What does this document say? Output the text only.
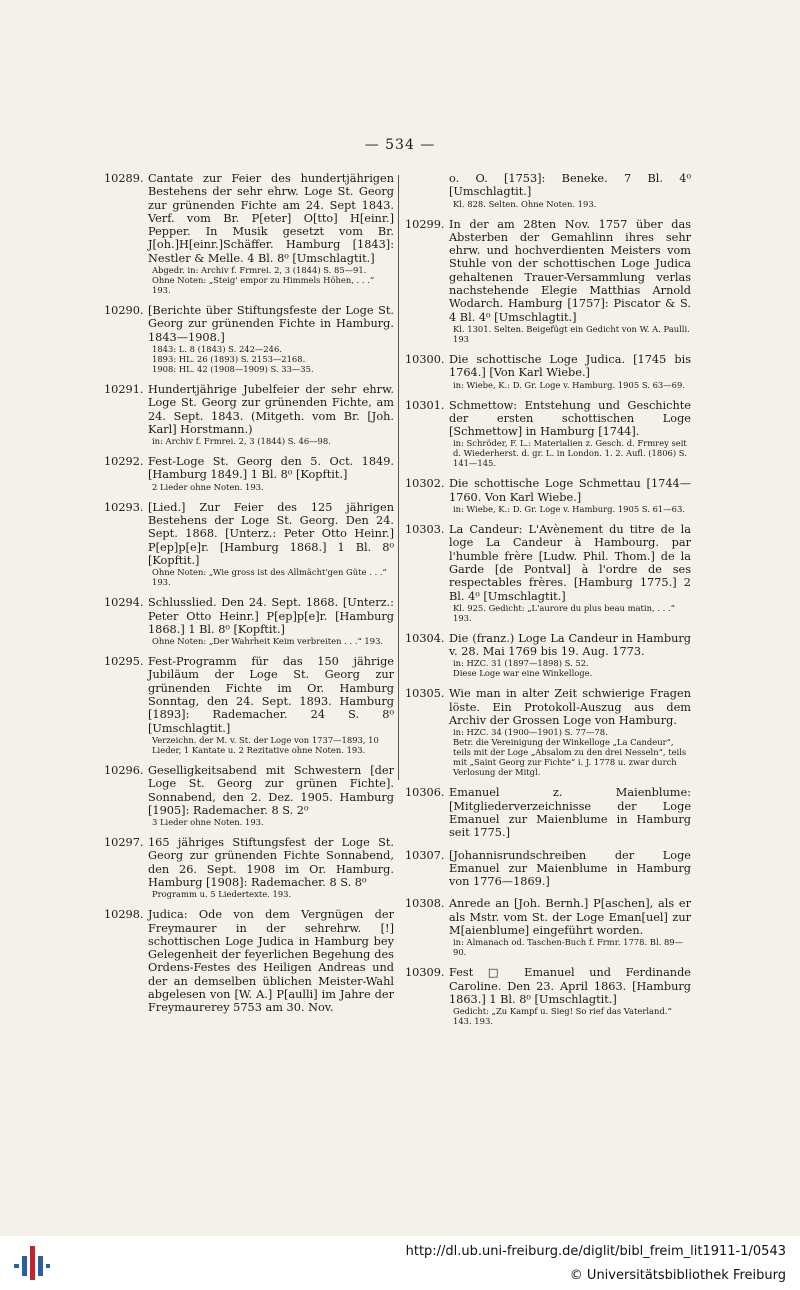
— 534 —
10289. Cantate zur Feier des hundertjährigen Bestehens der sehr ehrw. Loge St. Georg zur grünenden Fichte am 24. Sept 1843. Verf. vom Br. P[eter] O[tto] H[einr.] Pepper. In Musik gesetzt vom Br. J[oh.]H[einr.]Schäffer. Hamburg [1843]: Nestler & Melle. 4 Bl. 8⁰ [Umschlagtit.]
Abgedr. in: Archiv f. Frmrei. 2, 3 (1844) S. 85—91.
Ohne Noten: „Steig' empor zu Himmels Höhen, . . .“ 193.
10290. [Berichte über Stiftungsfeste der Loge St. Georg zur grünenden Fichte in Hamburg. 1843—1908.]
1843: L. 8 (1843) S. 242—246.
1893: HL. 26 (1893) S. 2153—2168.
1908: HL. 42 (1908—1909) S. 33—35.
10291. Hundertjährige Jubelfeier der sehr ehrw. Loge St. Georg zur grünenden Fichte, am 24. Sept. 1843. (Mitgeth. vom Br. [Joh. Karl] Horstmann.)
in: Archiv f. Frmrei. 2, 3 (1844) S. 46—98.
10292. Fest-Loge St. Georg den 5. Oct. 1849. [Hamburg 1849.] 1 Bl. 8⁰ [Kopftit.]
2 Lieder ohne Noten. 193.
10293. [Lied.] Zur Feier des 125 jährigen Bestehens der Loge St. Georg. Den 24. Sept. 1868. [Unterz.: Peter Otto Heinr.] P[ep]p[e]r. [Hamburg 1868.] 1 Bl. 8⁰ [Kopftit.]
Ohne Noten: „Wie gross ist des Allmächt'gen Güte . . .“ 193.
10294. Schlusslied. Den 24. Sept. 1868. [Unterz.: Peter Otto Heinr.] P[ep]p[e]r. [Hamburg 1868.] 1 Bl. 8⁰ [Kopftit.]
Ohne Noten: „Der Wahrheit Keim verbreiten . . .“ 193.
10295. Fest-Programm für das 150 jährige Jubiläum der Loge St. Georg zur grünenden Fichte im Or. Hamburg Sonntag, den 24. Sept. 1893. Hamburg [1893]: Rademacher. 24 S. 8⁰ [Umschlagtit.]
Verzeichn. der M. v. St. der Loge von 1737—1893, 10 Lieder, 1 Kantate u. 2 Rezitative ohne Noten. 193.
10296. Geselligkeitsabend mit Schwestern [der Loge St. Georg zur grünen Fichte]. Sonnabend, den 2. Dez. 1905. Hamburg [1905]: Rademacher. 8 S. 2⁰
3 Lieder ohne Noten. 193.
10297. 165 jähriges Stiftungsfest der Loge St. Georg zur grünenden Fichte Sonnabend, den 26. Sept. 1908 im Or. Hamburg. Hamburg [1908]: Rademacher. 8 S. 8⁰
Programm u. 5 Liedertexte. 193.
10298. Judica: Ode von dem Vergnügen der Freymaurer in der sehrehrw. [!] schottischen Loge Judica in Hamburg bey Gelegenheit der feyerlichen Begehung des Ordens-Festes des Heiligen Andreas und der an demselben üblichen Meister-Wahl abgelesen von [W. A.] P[aulli] im Jahre der Freymaurerey 5753 am 30. Nov.
o. O. [1753]: Beneke. 7 Bl. 4⁰ [Umschlagtit.]
Kl. 828. Selten. Ohne Noten. 193.
10299. In der am 28ten Nov. 1757 über das Absterben der Gemahlinn ihres sehr ehrw. und hochverdienten Meisters vom Stuhle von der schottischen Loge Judica gehaltenen Trauer-Versammlung verlas nachstehende Elegie Matthias Arnold Wodarch. Hamburg [1757]: Piscator & S. 4 Bl. 4⁰ [Umschlagtit.]
Kl. 1301. Selten. Beigefügt ein Gedicht von W. A. Paulli. 193
10300. Die schottische Loge Judica. [1745 bis 1764.] [Von Karl Wiebe.]
in: Wiebe, K.: D. Gr. Loge v. Hamburg. 1905 S. 63—69.
10301. Schmettow: Entstehung und Geschichte der ersten schottischen Loge [Schmettow] in Hamburg [1744].
in: Schröder, F. L.: Materialien z. Gesch. d. Frmrey seit d. Wiederherst. d. gr. L. in London. 1. 2. Aufl. (1806) S. 141—145.
10302. Die schottische Loge Schmettau [1744—1760. Von Karl Wiebe.]
in: Wiebe, K.: D. Gr. Loge v. Hamburg. 1905 S. 61—63.
10303. La Candeur: L'Avènement du titre de la loge La Candeur à Hambourg. par l'humble frère [Ludw. Phil. Thom.] de la Garde [de Pontval] à l'ordre de ses respectables frères. [Hamburg 1775.] 2 Bl. 4⁰ [Umschlagtit.]
Kl. 925. Gedicht: „L'aurore du plus beau matin, . . .“ 193.
10304. Die (franz.) Loge La Candeur in Hamburg v. 28. Mai 1769 bis 19. Aug. 1773.
in: HZC. 31 (1897—1898) S. 52.
Diese Loge war eine Winkelloge.
10305. Wie man in alter Zeit schwierige Fragen löste. Ein Protokoll-Auszug aus dem Archiv der Grossen Loge von Hamburg.
in: HZC. 34 (1900—1901) S. 77—78.
Betr. die Vereinigung der Winkelloge „La Candeur“, teils mit der Loge „Absalom zu den drei Nesseln“, teils mit „Saint Georg zur Fichte“ i. J. 1778 u. zwar durch Verlosung der Mitgl.
10306. Emanuel z. Maienblume: [Mitgliederverzeichnisse der Loge Emanuel zur Maienblume in Hamburg seit 1775.]
10307. [Johannisrundschreiben der Loge Emanuel zur Maienblume in Hamburg von 1776—1869.]
10308. Anrede an [Joh. Bernh.] P[aschen], als er als Mstr. vom St. der Loge Eman[uel] zur M[aienblume] eingeführt worden.
in: Almanach od. Taschen-Buch f. Frmr. 1778. Bl. 89—90.
10309. Fest □ Emanuel und Ferdinande Caroline. Den 23. April 1863. [Hamburg 1863.] 1 Bl. 8⁰ [Umschlagtit.]
Gedicht: „Zu Kampf u. Sieg! So rief das Vaterland.“ 143. 193.
http://dl.ub.uni-freiburg.de/diglit/bibl_freim_lit1911-1/0543
© Universitätsbibliothek Freiburg
